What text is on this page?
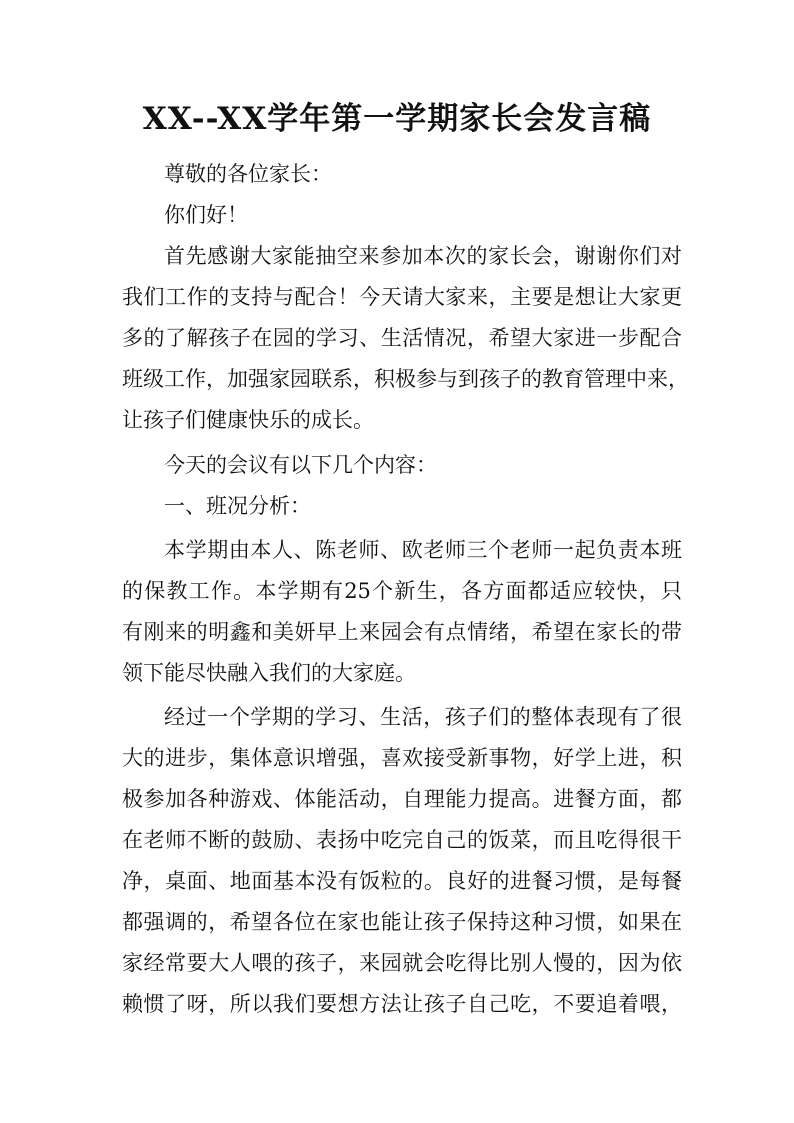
XX--XX学年第一学期家长会发言稿
尊敬的各位家长：
你们好！
首先感谢大家能抽空来参加本次的家长会，谢谢你们对
我们工作的支持与配合！今天请大家来，主要是想让大家更
多的了解孩子在园的学习、生活情况，希望大家进一步配合
班级工作，加强家园联系，积极参与到孩子的教育管理中来，
让孩子们健康快乐的成长。
今天的会议有以下几个内容：
一、班况分析：
本学期由本人、陈老师、欧老师三个老师一起负责本班
的保教工作。本学期有25个新生，各方面都适应较快，只
有刚来的明鑫和美妍早上来园会有点情绪，希望在家长的带
领下能尽快融入我们的大家庭。
经过一个学期的学习、生活，孩子们的整体表现有了很
大的进步，集体意识增强，喜欢接受新事物，好学上进，积
极参加各种游戏、体能活动，自理能力提高。进餐方面，都
在老师不断的鼓励、表扬中吃完自己的饭菜，而且吃得很干
净，桌面、地面基本没有饭粒的。良好的进餐习惯，是每餐
都强调的，希望各位在家也能让孩子保持这种习惯，如果在
家经常要大人喂的孩子，来园就会吃得比别人慢的，因为依
赖惯了呀，所以我们要想方法让孩子自己吃，不要追着喂，
